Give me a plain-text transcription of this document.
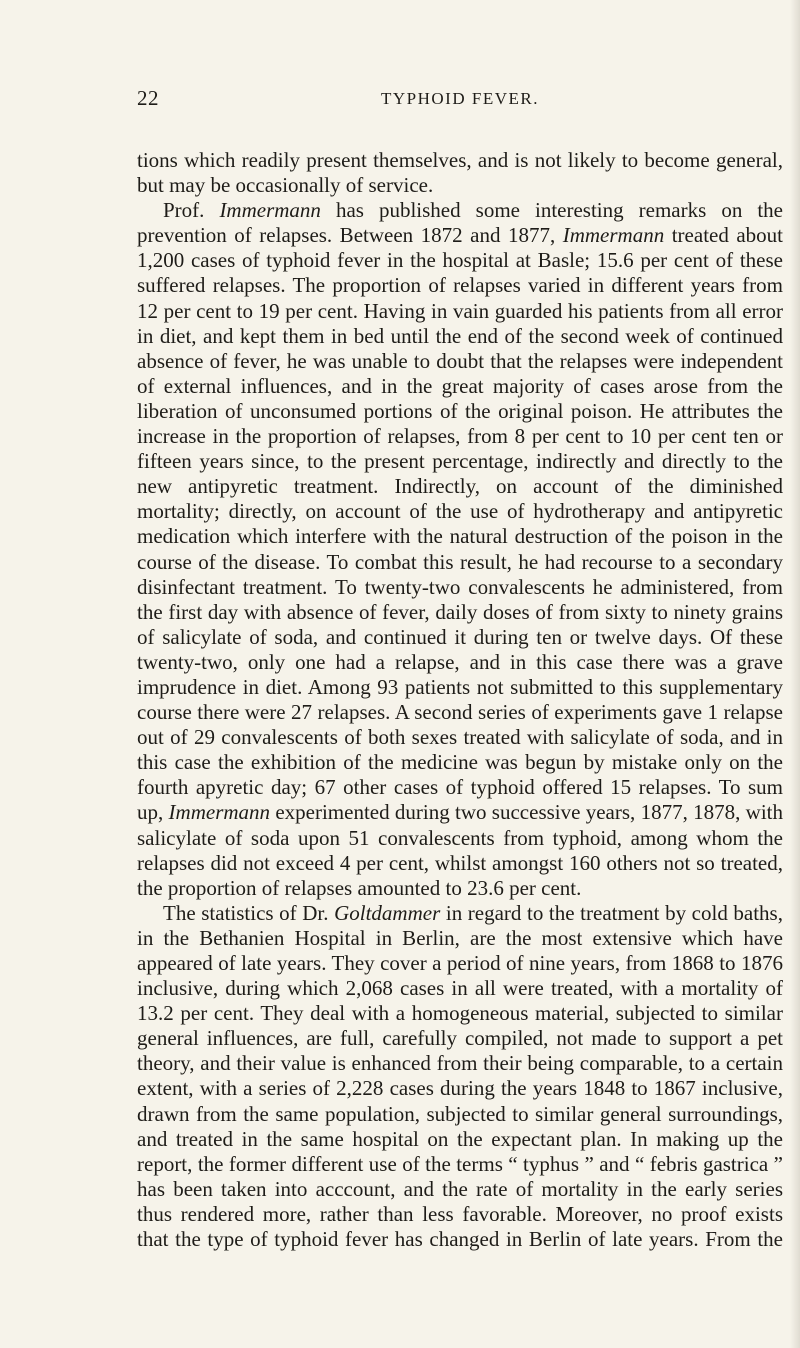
22	TYPHOID FEVER.

tions which readily present themselves, and is not likely to become general, but may be occasionally of service.

Prof. Immermann has published some interesting remarks on the prevention of relapses. Between 1872 and 1877, Immermann treated about 1,200 cases of typhoid fever in the hospital at Basle; 15.6 per cent of these suffered relapses. The proportion of relapses varied in different years from 12 per cent to 19 per cent. Having in vain guarded his patients from all error in diet, and kept them in bed until the end of the second week of continued absence of fever, he was unable to doubt that the relapses were independent of external influences, and in the great majority of cases arose from the liberation of unconsumed portions of the original poison. He attributes the increase in the proportion of relapses, from 8 per cent to 10 per cent ten or fifteen years since, to the present percentage, indirectly and directly to the new antipyretic treatment. Indirectly, on account of the diminished mortality; directly, on account of the use of hydrotherapy and antipyretic medication which interfere with the natural destruction of the poison in the course of the disease. To combat this result, he had recourse to a secondary disinfectant treatment. To twenty-two convalescents he administered, from the first day with absence of fever, daily doses of from sixty to ninety grains of salicylate of soda, and continued it during ten or twelve days. Of these twenty-two, only one had a relapse, and in this case there was a grave imprudence in diet. Among 93 patients not submitted to this supplementary course there were 27 relapses. A second series of experiments gave 1 relapse out of 29 convalescents of both sexes treated with salicylate of soda, and in this case the exhibition of the medicine was begun by mistake only on the fourth apyretic day; 67 other cases of typhoid offered 15 relapses. To sum up, Immermann experimented during two successive years, 1877, 1878, with salicylate of soda upon 51 convalescents from typhoid, among whom the relapses did not exceed 4 per cent, whilst amongst 160 others not so treated, the proportion of relapses amounted to 23.6 per cent.

The statistics of Dr. Goltdammer in regard to the treatment by cold baths, in the Bethanien Hospital in Berlin, are the most extensive which have appeared of late years. They cover a period of nine years, from 1868 to 1876 inclusive, during which 2,068 cases in all were treated, with a mortality of 13.2 per cent. They deal with a homogeneous material, subjected to similar general influences, are full, carefully compiled, not made to support a pet theory, and their value is enhanced from their being comparable, to a certain extent, with a series of 2,228 cases during the years 1848 to 1867 inclusive, drawn from the same population, subjected to similar general surroundings, and treated in the same hospital on the expectant plan. In making up the report, the former different use of the terms “ typhus ” and “ febris gastrica ” has been taken into acccount, and the rate of mortality in the early series thus rendered more, rather than less favorable. Moreover, no proof exists that the type of typhoid fever has changed in Berlin of late years. From the
